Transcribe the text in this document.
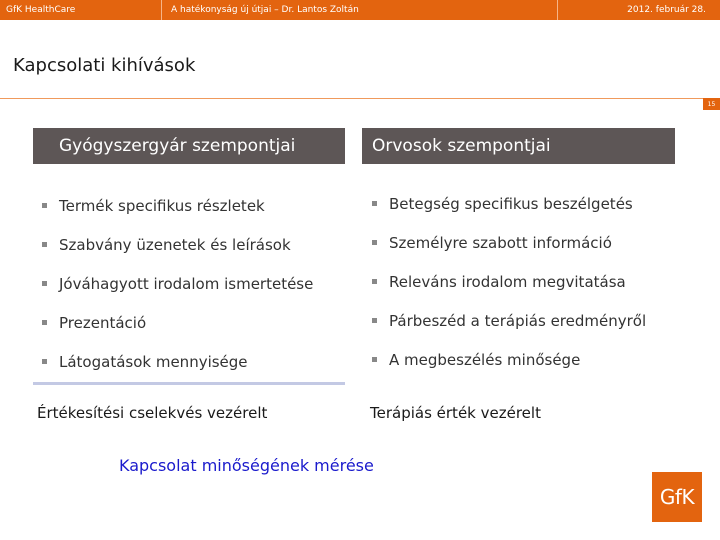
GfK HealthCare	A hatékonyság új útjai – Dr. Lantos Zoltán	2012. február 28.
Kapcsolati kihívások
15
Gyógyszergyár szempontjai	Orvosok szempontjai
Termék specifikus részletek
Szabvány üzenetek és leírások
Jóváhagyott irodalom ismertetése
Prezentáció
Látogatások mennyisége
Betegség specifikus beszélgetés
Személyre szabott információ
Releváns irodalom megvitatása
Párbeszéd a terápiás eredményről
A megbeszélés minősége
Értékesítési cselekvés vezérelt	Terápiás érték vezérelt
Kapcsolat minőségének mérése
GfK
